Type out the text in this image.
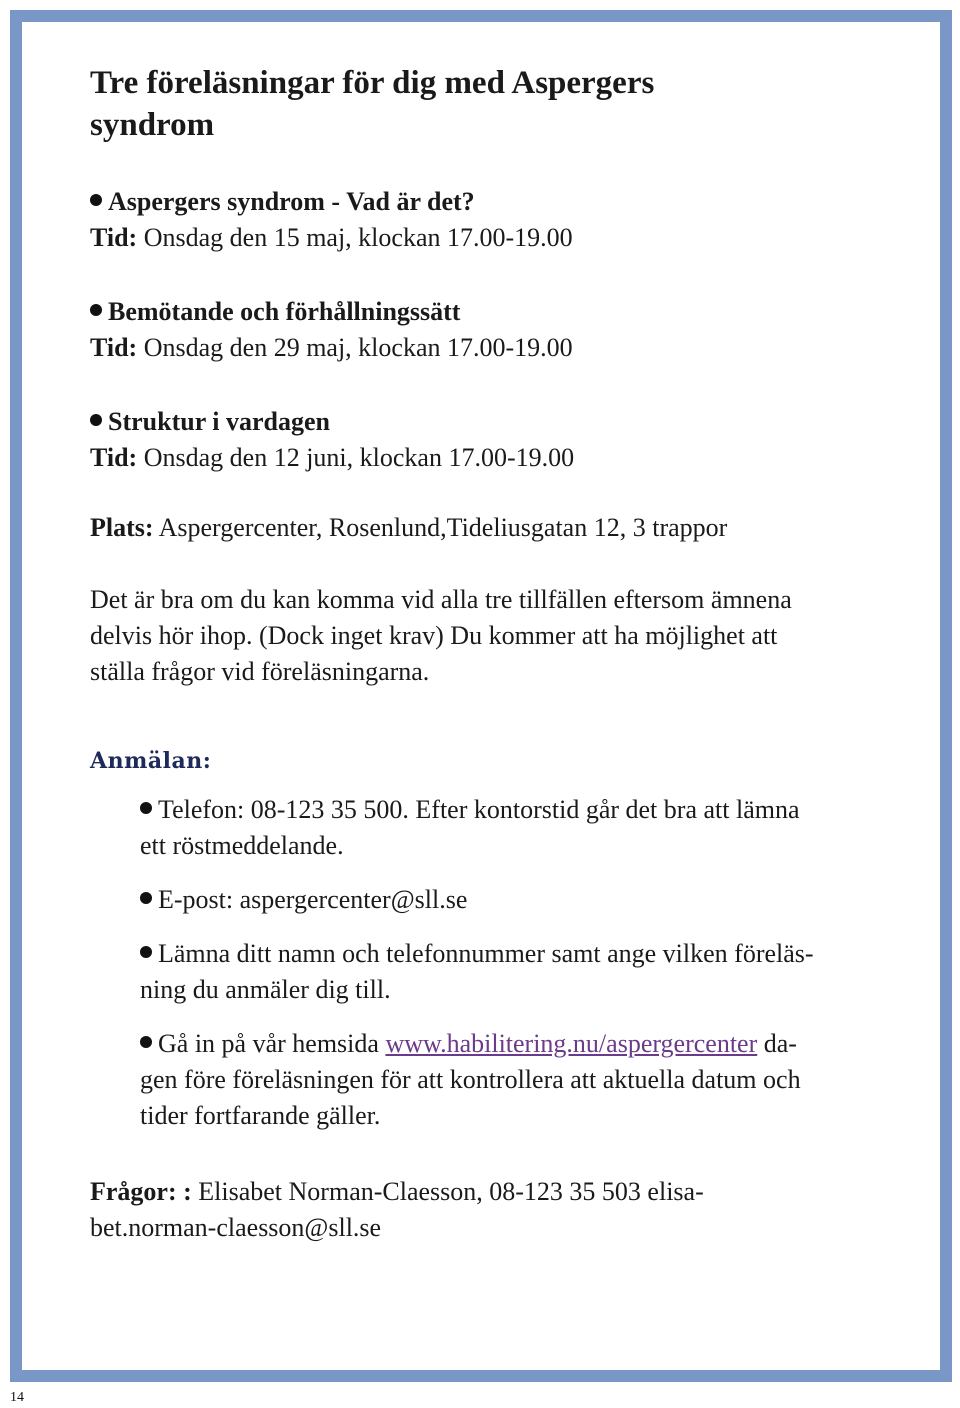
Tre föreläsningar för dig med Aspergers

syndrom

Aspergers syndrom - Vad är det?

Tid: Onsdag den 15 maj, klockan 17.00-19.00

Bemötande och förhållningssätt

Tid: Onsdag den 29 maj, klockan 17.00-19.00

Struktur i vardagen

Tid: Onsdag den 12 juni, klockan 17.00-19.00

Plats: Aspergercenter, Rosenlund,Tideliusgatan 12, 3 trappor

Det är bra om du kan komma vid alla tre tillfällen eftersom ämnena

delvis hör ihop. (Dock inget krav) Du kommer att ha möjlighet att

ställa frågor vid föreläsningarna.

Anmälan:

Telefon: 08-123 35 500. Efter kontorstid går det bra att lämna

ett röstmeddelande.

E-post: aspergercenter@sll.se

Lämna ditt namn och telefonnummer samt ange vilken föreläs-

ning du anmäler dig till.

Gå in på vår hemsida www.habilitering.nu/aspergercenter da-

gen före föreläsningen för att kontrollera att aktuella datum och

tider fortfarande gäller.

Frågor: : Elisabet Norman-Claesson, 08-123 35 503 elisa-

bet.norman-claesson@sll.se

14
